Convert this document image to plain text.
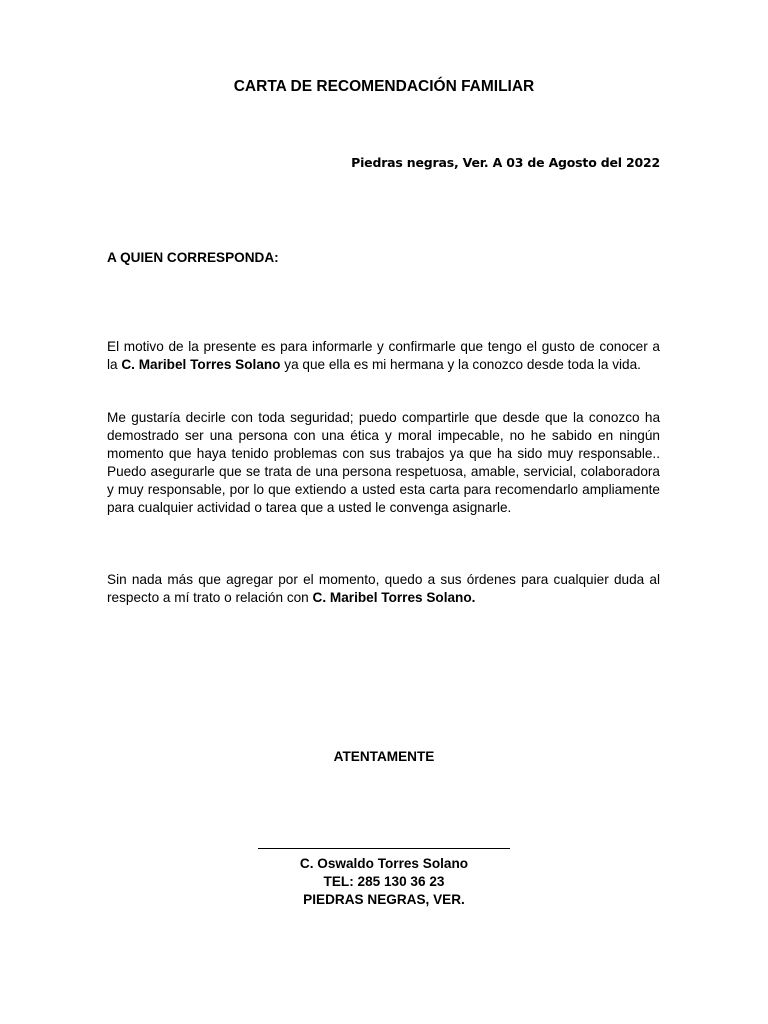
CARTA DE RECOMENDACIÓN FAMILIAR
Piedras negras, Ver. A 03 de Agosto del 2022

A QUIEN CORRESPONDA:

El motivo de la presente es para informarle y confirmarle que tengo el gusto de conocer a la C. Maribel Torres Solano ya que ella es mi hermana y la conozco desde toda la vida.

Me gustaría decirle con toda seguridad; puedo compartirle que desde que la conozco ha demostrado ser una persona con una ética y moral impecable, no he sabido en ningún momento que haya tenido problemas con sus trabajos ya que ha sido muy responsable.. Puedo asegurarle que se trata de una persona respetuosa, amable, servicial, colaboradora y muy responsable, por lo que extiendo a usted esta carta para recomendarlo ampliamente para cualquier actividad o tarea que a usted le convenga asignarle.

Sin nada más que agregar por el momento, quedo a sus órdenes para cualquier duda al respecto a mí trato o relación con C. Maribel Torres Solano.

ATENTAMENTE
C. Oswaldo Torres Solano
TEL: 285 130 36 23
PIEDRAS NEGRAS, VER.
